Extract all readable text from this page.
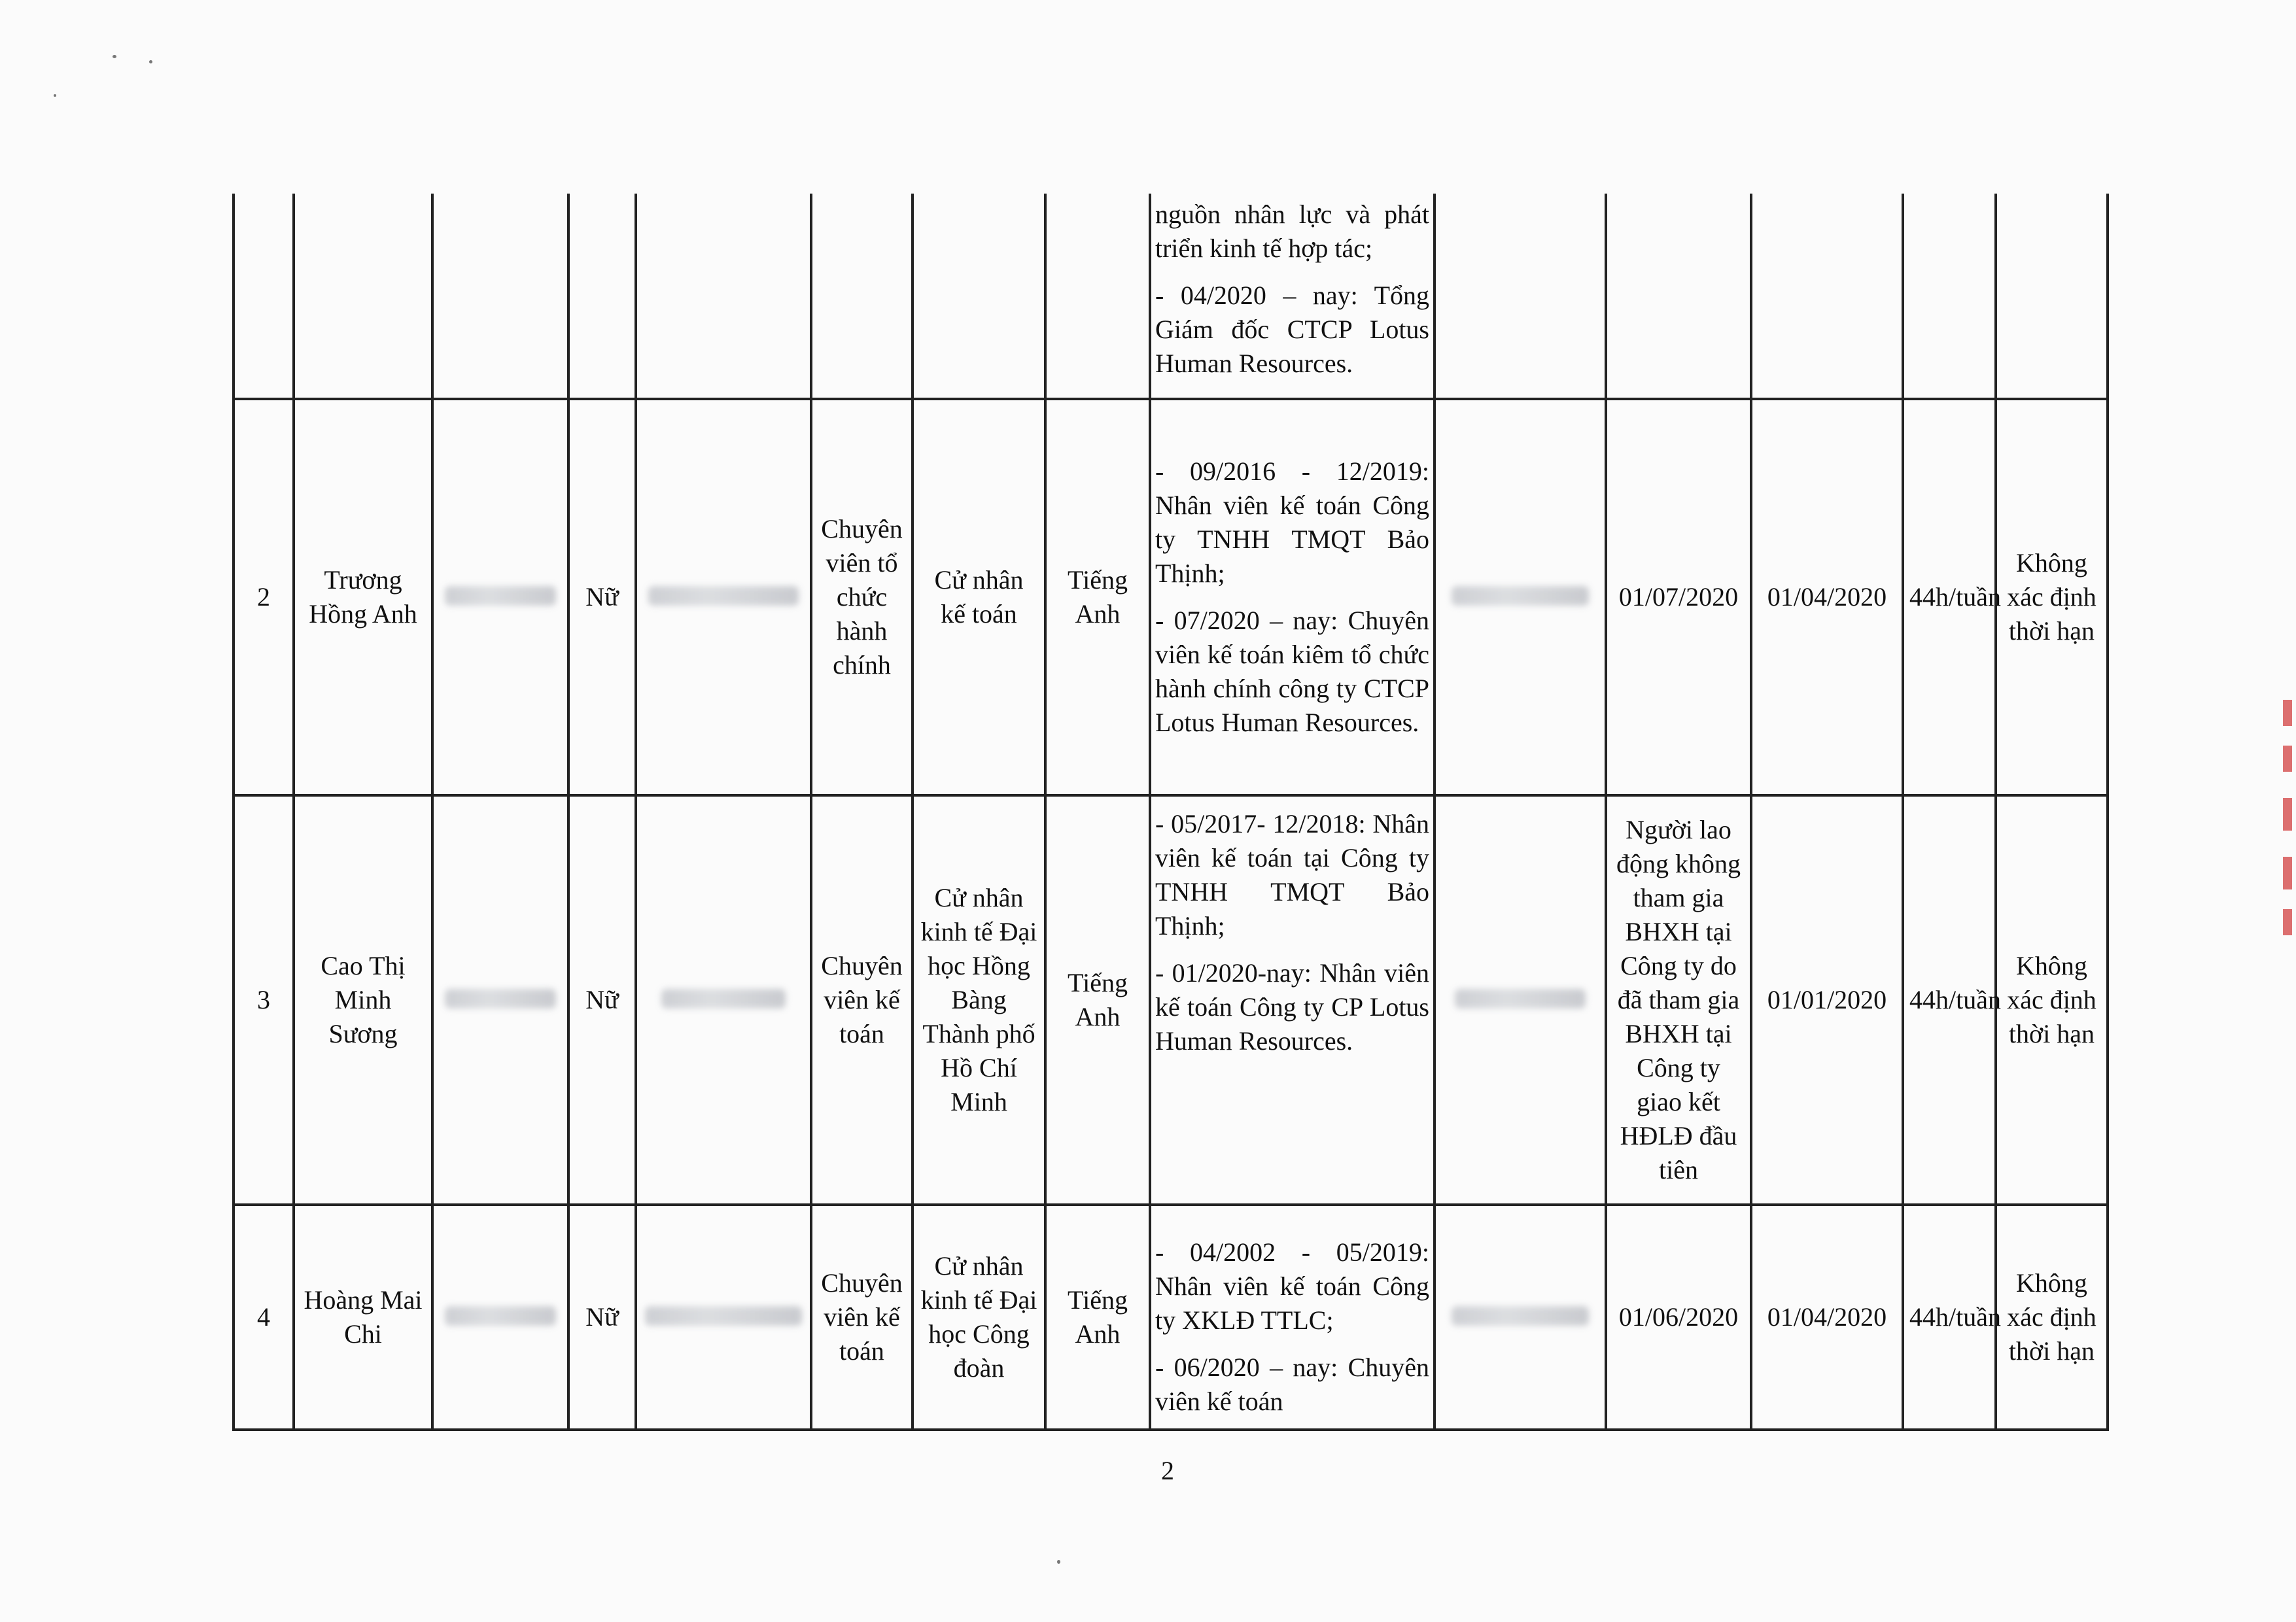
								nguồn nhân lực và phát triển kinh tế hợp tác;
- 04/2020 – nay: Tổng Giám đốc CTCP Lotus Human Resources.					

2	Trương Hồng Anh		Nữ		Chuyên viên tổ chức hành chính	Cử nhân kế toán	Tiếng Anh	- 09/2016 - 12/2019: Nhân viên kế toán Công ty TNHH TMQT Bảo Thịnh;
- 07/2020 – nay: Chuyên viên kế toán kiêm tổ chức hành chính công ty CTCP Lotus Human Resources.		01/07/2020	01/04/2020	44h/tuần	Không xác định thời hạn
3	Cao Thị Minh Sương		Nữ		Chuyên viên kế toán	Cử nhân kinh tế Đại học Hồng Bàng Thành phố Hồ Chí Minh	Tiếng Anh	- 05/2017- 12/2018: Nhân viên kế toán tại Công ty TNHH TMQT Bảo Thịnh;
- 01/2020-nay: Nhân viên kế toán Công ty CP Lotus Human Resources.		Người lao động không tham gia BHXH tại Công ty do đã tham gia BHXH tại Công ty giao kết HĐLĐ đầu tiên	01/01/2020	44h/tuần	Không xác định thời hạn
4	Hoàng Mai Chi		Nữ		Chuyên viên kế toán	Cử nhân kinh tế Đại học Công đoàn	Tiếng Anh	- 04/2002 - 05/2019: Nhân viên kế toán Công ty XKLĐ TTLC;
- 06/2020 – nay: Chuyên viên kế toán		01/06/2020	01/04/2020	44h/tuần	Không xác định thời hạn
2
